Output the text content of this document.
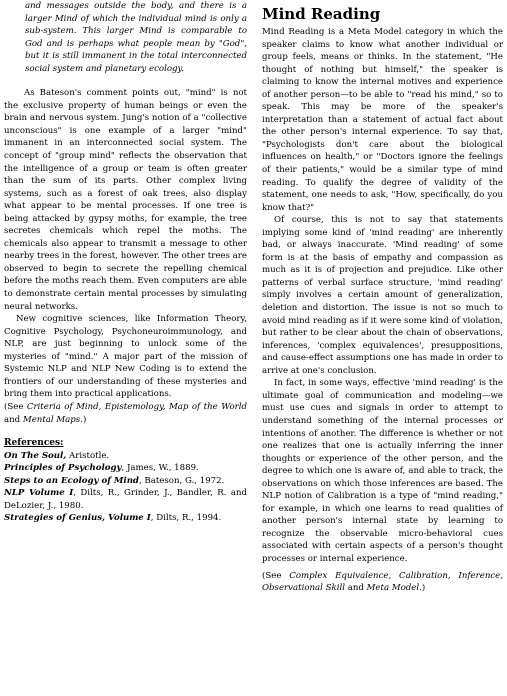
and messages outside the body, and there is a larger Mind of which the individual mind is only a sub-system. This larger Mind is comparable to God and is perhaps what people mean by "God", but it is still immanent in the total interconnected social system and planetary ecology.

As Bateson's comment points out, "mind" is not the exclusive property of human beings or even the brain and nervous system. Jung's notion of a "collective unconscious" is one example of a larger "mind" immanent in an interconnected social system. The concept of "group mind" reflects the observation that the intelligence of a group or team is often greater than the sum of its parts. Other complex living systems, such as a forest of oak trees, also display what appear to be mental processes. If one tree is being attacked by gypsy moths, for example, the tree secretes chemicals which repel the moths. The chemicals also appear to transmit a message to other nearby trees in the forest, however. The other trees are observed to begin to secrete the repelling chemical before the moths reach them. Even computers are able to demonstrate certain mental processes by simulating neural networks.

New cognitive sciences, like Information Theory, Cognitive Psychology, Psychoneuroimmunology, and NLP, are just beginning to unlock some of the mysteries of "mind." A major part of the mission of Systemic NLP and NLP New Coding is to extend the frontiers of our understanding of these mysteries and bring them into practical applications.

(See Criteria of Mind, Epistemology, Map of the World and Mental Maps.)

References:

On The Soul, Aristotle.

Principles of Psychology, James, W., 1889.

Steps to an Ecology of Mind, Bateson, G., 1972.

NLP Volume I, Dilts, R., Grinder, J., Bandler, R. and DeLozier, J., 1980.

Strategies of Genius, Volume I, Dilts, R., 1994.

Mind Reading

Mind Reading is a Meta Model category in which the speaker claims to know what another individual or group feels, means or thinks. In the statement, "He thought of nothing but himself," the speaker is claiming to know the internal motives and experience of another person—to be able to "read his mind," so to speak. This may be more of the speaker's interpretation than a statement of actual fact about the other person's internal experience. To say that, "Psychologists don't care about the biological influences on health," or "Doctors ignore the feelings of their patients," would be a similar type of mind reading. To qualify the degree of validity of the statement, one needs to ask, "How, specifically, do you know that?"

Of course, this is not to say that statements implying some kind of 'mind reading' are inherently bad, or always inaccurate. 'Mind reading' of some form is at the basis of empathy and compassion as much as it is of projection and prejudice. Like other patterns of verbal surface structure, 'mind reading' simply involves a certain amount of generalization, deletion and distortion. The issue is not so much to avoid mind reading as if it were some kind of violation, but rather to be clear about the chain of observations, inferences, 'complex equivalences', presuppositions, and cause-effect assumptions one has made in order to arrive at one's conclusion.

In fact, in some ways, effective 'mind reading' is the ultimate goal of communication and modeling—we must use cues and signals in order to attempt to understand something of the internal processes or intentions of another. The difference is whether or not one realizes that one is actually inferring the inner thoughts or experience of the other person, and the degree to which one is aware of, and able to track, the observations on which those inferences are based. The NLP notion of Calibration is a type of "mind reading," for example, in which one learns to read qualities of another person's internal state by learning to recognize the observable micro-behavioral cues associated with certain aspects of a person's thought processes or internal experience.

(See Complex Equivalence, Calibration, Inference, Observational Skill and Meta Model.)
